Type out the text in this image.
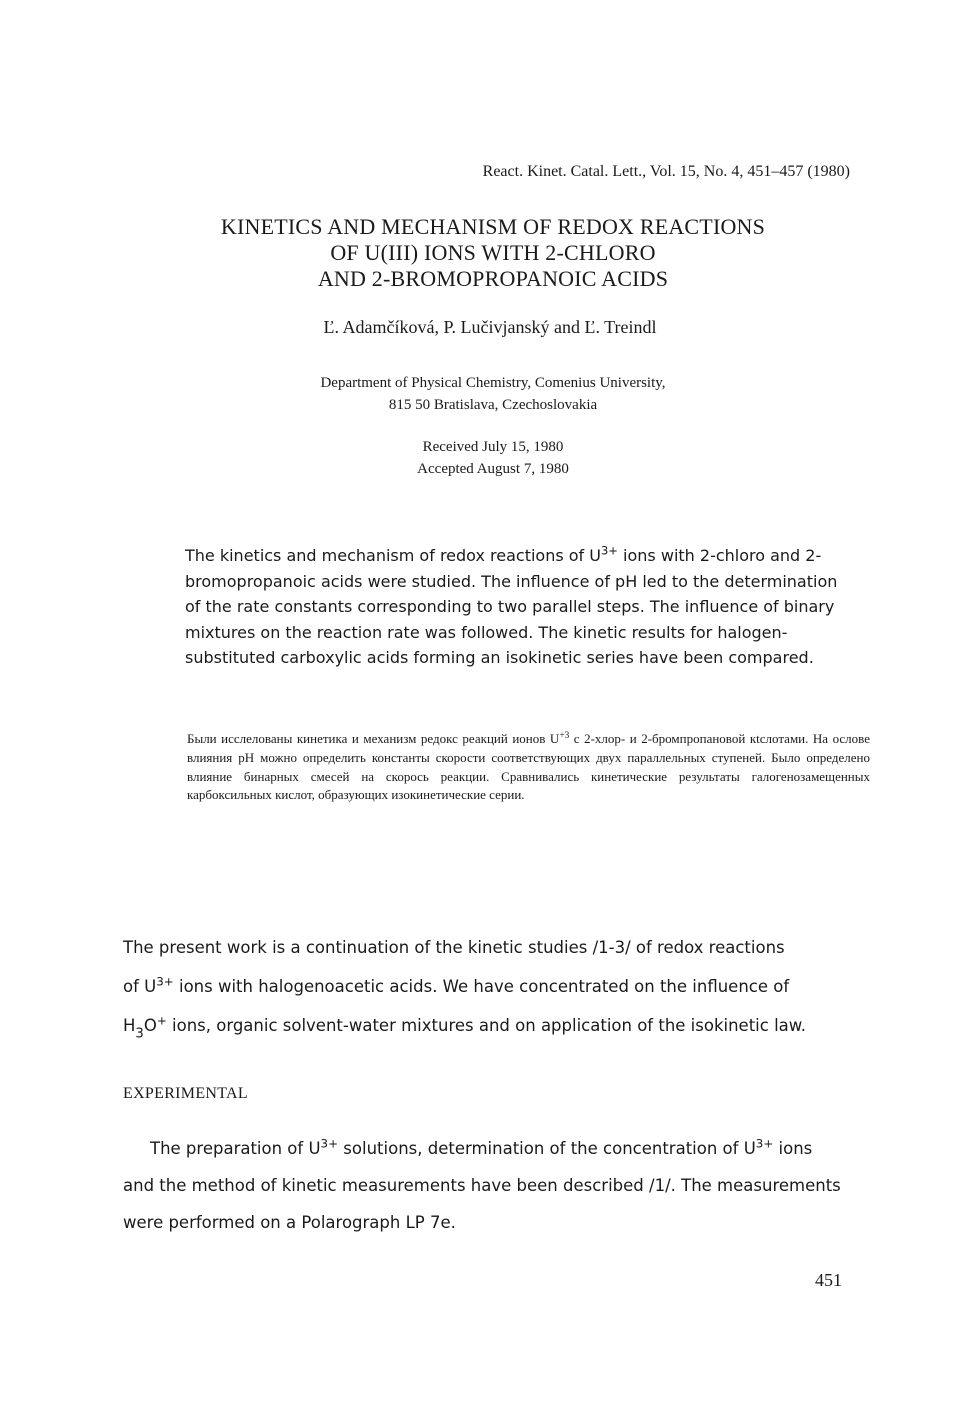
React. Kinet. Catal. Lett., Vol. 15, No. 4, 451–457 (1980)
KINETICS AND MECHANISM OF REDOX REACTIONS
OF U(III) IONS WITH 2-CHLORO
AND 2-BROMOPROPANOIC ACIDS
Ľ. Adamčíková, P. Lučivjanský and Ľ. Treindl
Department of Physical Chemistry, Comenius University,
815 50 Bratislava, Czechoslovakia
Received July 15, 1980
Accepted August 7, 1980
The kinetics and mechanism of redox reactions of $U^{3+}$ ions with 2-chloro and 2-bromopropanoic acids were studied. The influence of pH led to the determination of the rate constants corresponding to two parallel steps. The influence of binary mixtures on the reaction rate was followed. The kinetic results for halogen-substituted carboxylic acids forming an isokinetic series have been compared.
Были исслелованы кинетика и механизм редокс реакций ионов $U^{+3}$ с 2-хлор- и 2-бромпропановой кtслотами. На ослове влияния pH можно определить константы скорости соответствующих двух параллельных ступеней. Было определено влияние бинарных смесей на скорось реакции. Сравнивались кинетические результаты галогенозамещенных карбоксильных кислот, образующих изокинетические серии.
The present work is a continuation of the kinetic studies /1-3/ of redox reactions
of $U^{3+}$ ions with halogenoacetic acids. We have concentrated on the influence of
$H_3O^+$ ions, organic solvent-water mixtures and on application of the isokinetic law.
EXPERIMENTAL
The preparation of $U^{3+}$ solutions, determination of the concentration of $U^{3+}$ ions
and the method of kinetic measurements have been described /1/. The measurements
were performed on a Polarograph LP 7e.
451
